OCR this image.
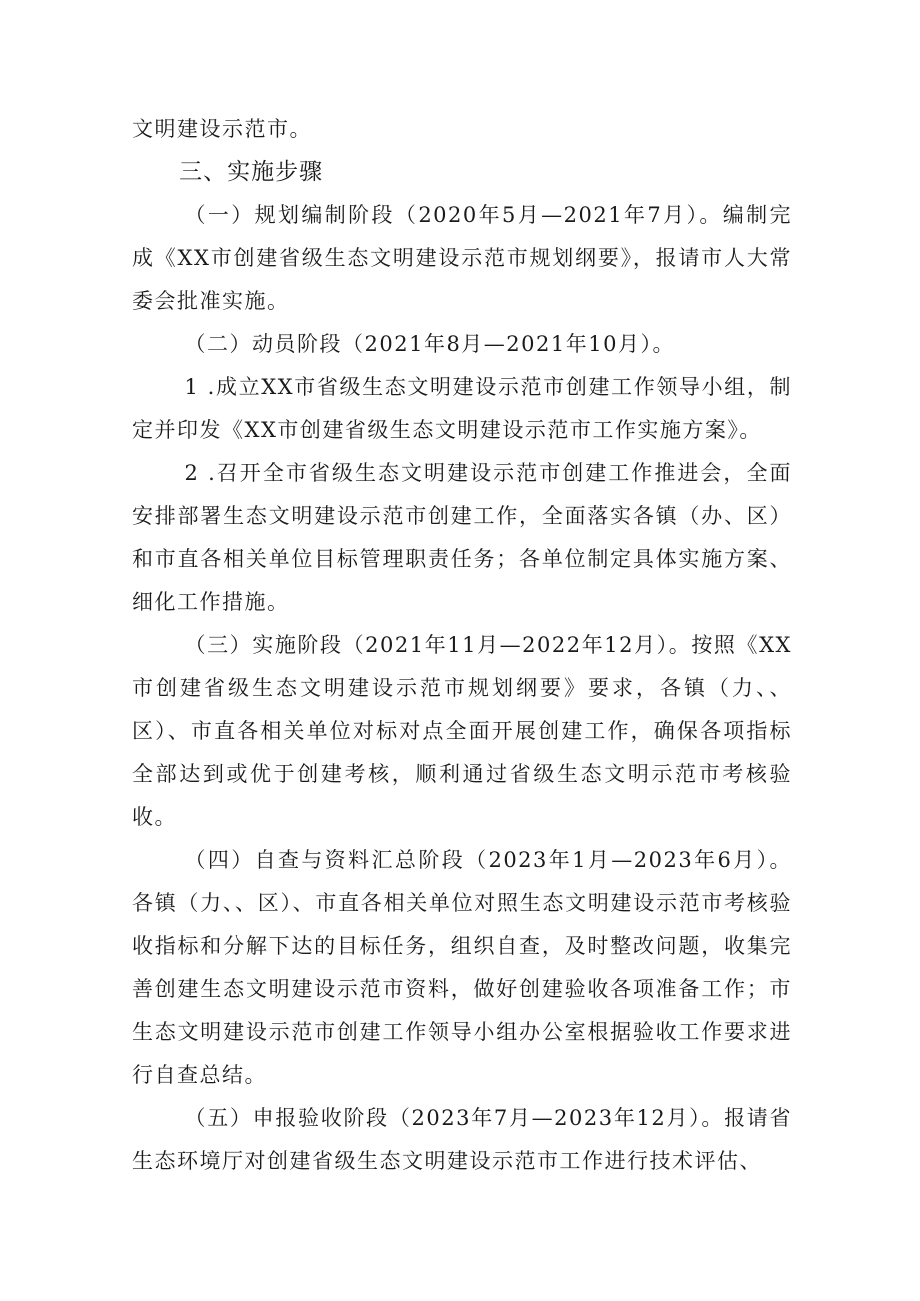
文明建设示范市。

三、实施步骤

（一）规划编制阶段（2020年5月—2021年7月）。编制完成《XX市创建省级生态文明建设示范市规划纲要》，报请市人大常委会批准实施。

（二）动员阶段（2021年8月—2021年10月）。

1 .成立XX市省级生态文明建设示范市创建工作领导小组，制定并印发《XX市创建省级生态文明建设示范市工作实施方案》。

2 .召开全市省级生态文明建设示范市创建工作推进会，全面安排部署生态文明建设示范市创建工作，全面落实各镇（办、区）和市直各相关单位目标管理职责任务；各单位制定具体实施方案、细化工作措施。

（三）实施阶段（2021年11月—2022年12月）。按照《XX市创建省级生态文明建设示范市规划纲要》要求，各镇（力、、区）、市直各相关单位对标对点全面开展创建工作，确保各项指标全部达到或优于创建考核，顺利通过省级生态文明示范市考核验收。

（四）自查与资料汇总阶段（2023年1月—2023年6月）。各镇（力、、区）、市直各相关单位对照生态文明建设示范市考核验收指标和分解下达的目标任务，组织自查，及时整改问题，收集完善创建生态文明建设示范市资料，做好创建验收各项准备工作；市生态文明建设示范市创建工作领导小组办公室根据验收工作要求进行自查总结。

（五）申报验收阶段（2023年7月—2023年12月）。报请省生态环境厅对创建省级生态文明建设示范市工作进行技术评估、
